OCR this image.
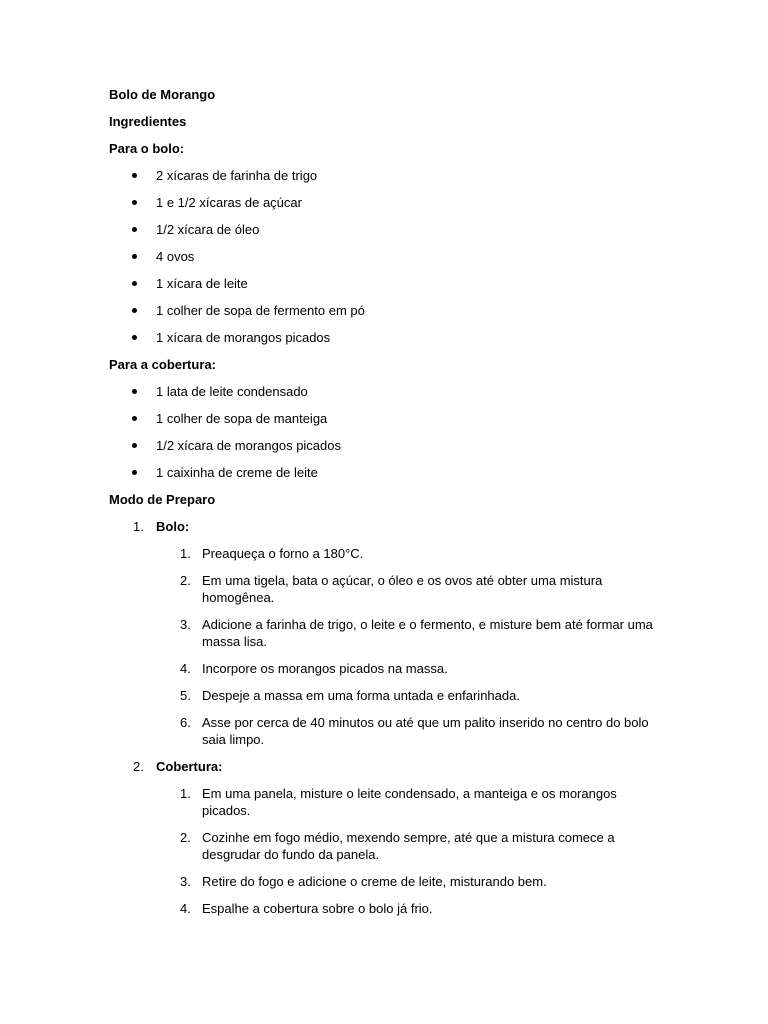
Bolo de Morango

Ingredientes

Para o bolo:

2 xícaras de farinha de trigo
1 e 1/2 xícaras de açúcar
1/2 xícara de óleo
4 ovos
1 xícara de leite
1 colher de sopa de fermento em pó
1 xícara de morangos picados

Para a cobertura:

1 lata de leite condensado
1 colher de sopa de manteiga
1/2 xícara de morangos picados
1 caixinha de creme de leite

Modo de Preparo

1. Bolo:
1. Preaqueça o forno a 180°C.
2. Em uma tigela, bata o açúcar, o óleo e os ovos até obter uma mistura homogênea.
3. Adicione a farinha de trigo, o leite e o fermento, e misture bem até formar uma massa lisa.
4. Incorpore os morangos picados na massa.
5. Despeje a massa em uma forma untada e enfarinhada.
6. Asse por cerca de 40 minutos ou até que um palito inserido no centro do bolo saia limpo.
2. Cobertura:
1. Em uma panela, misture o leite condensado, a manteiga e os morangos picados.
2. Cozinhe em fogo médio, mexendo sempre, até que a mistura comece a desgrudar do fundo da panela.
3. Retire do fogo e adicione o creme de leite, misturando bem.
4. Espalhe a cobertura sobre o bolo já frio.
